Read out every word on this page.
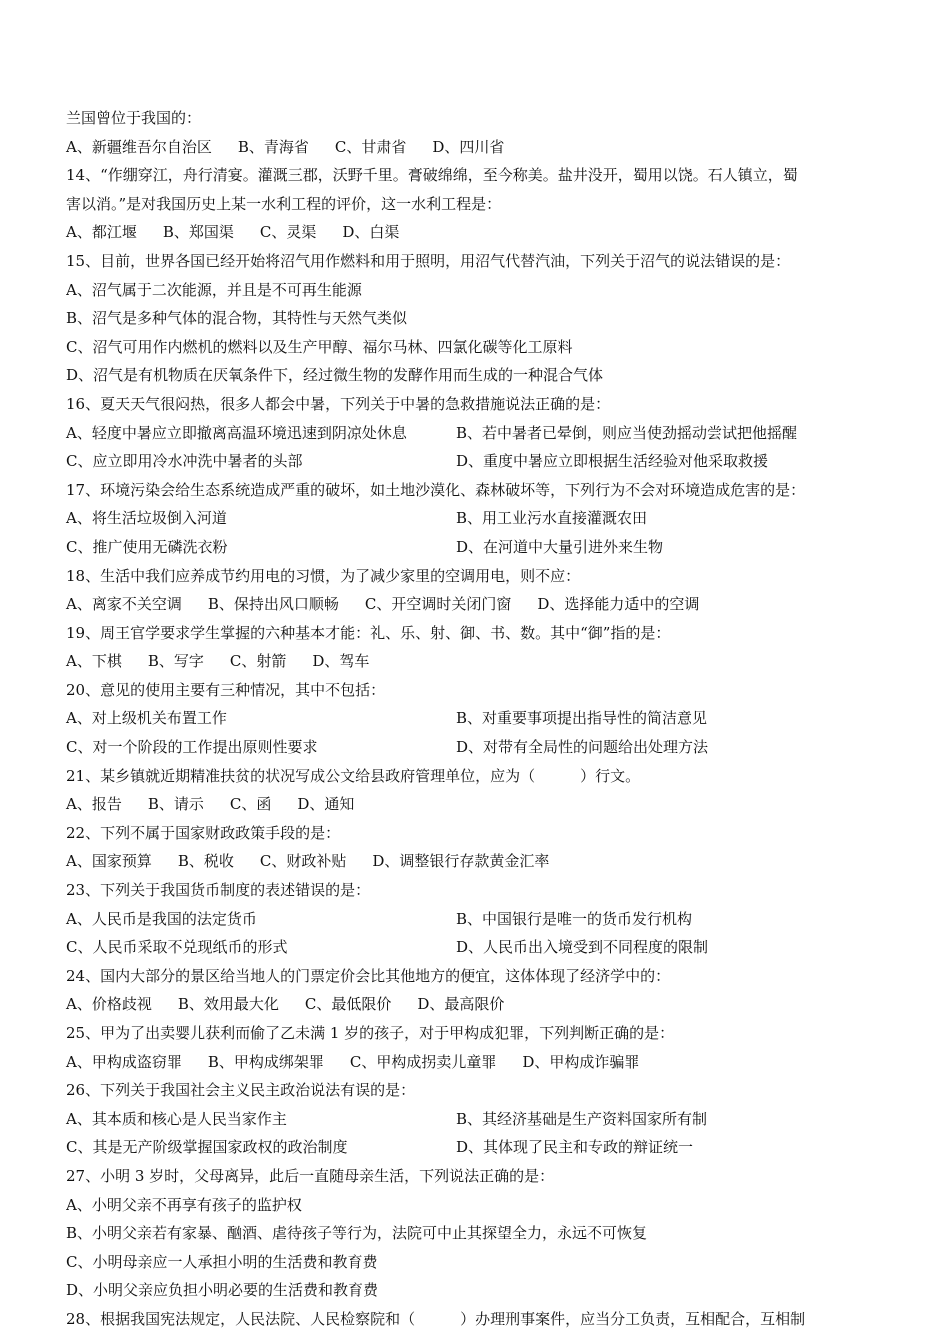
兰国曾位于我国的：
A、新疆维吾尔自治区 B、青海省 C、甘肃省 D、四川省
14、“作绷穿江，舟行清宴。灌溉三郡，沃野千里。膏破绵绵，至今称美。盐井没开，蜀用以饶。石人镇立，蜀
害以消。”是对我国历史上某一水利工程的评价，这一水利工程是：
A、都江堰 B、郑国渠 C、灵渠 D、白渠
15、目前，世界各国已经开始将沼气用作燃料和用于照明，用沼气代替汽油，下列关于沼气的说法错误的是：
A、沼气属于二次能源，并且是不可再生能源
B、沼气是多种气体的混合物，其特性与天然气类似
C、沼气可用作内燃机的燃料以及生产甲醇、福尔马林、四氯化碳等化工原料
D、沼气是有机物质在厌氧条件下，经过微生物的发酵作用而生成的一种混合气体
16、夏天天气很闷热，很多人都会中暑，下列关于中暑的急救措施说法正确的是：
A、轻度中暑应立即撤离高温环境迅速到阴凉处休息	B、若中暑者已晕倒，则应当使劲摇动尝试把他摇醒
C、应立即用冷水冲洗中暑者的头部	D、重度中暑应立即根据生活经验对他采取救援
17、环境污染会给生态系统造成严重的破坏，如土地沙漠化、森林破坏等，下列行为不会对环境造成危害的是：
A、将生活垃圾倒入河道	B、用工业污水直接灌溉农田
C、推广使用无磷洗衣粉	D、在河道中大量引进外来生物
18、生活中我们应养成节约用电的习惯，为了减少家里的空调用电，则不应：
A、离家不关空调 B、保持出风口顺畅 C、开空调时关闭门窗 D、选择能力适中的空调
19、周王官学要求学生掌握的六种基本才能：礼、乐、射、御、书、数。其中“御”指的是：
A、下棋 B、写字 C、射箭 D、驾车
20、意见的使用主要有三种情况，其中不包括：
A、对上级机关布置工作	B、对重要事项提出指导性的简洁意见
C、对一个阶段的工作提出原则性要求	D、对带有全局性的问题给出处理方法
21、某乡镇就近期精准扶贫的状况写成公文给县政府管理单位，应为（　　　）行文。
A、报告 B、请示 C、函 D、通知
22、下列不属于国家财政政策手段的是：
A、国家预算 B、税收 C、财政补贴 D、调整银行存款黄金汇率
23、下列关于我国货币制度的表述错误的是：
A、人民币是我国的法定货币	B、中国银行是唯一的货币发行机构
C、人民币采取不兑现纸币的形式	D、人民币出入境受到不同程度的限制
24、国内大部分的景区给当地人的门票定价会比其他地方的便宜，这体体现了经济学中的：
A、价格歧视 B、效用最大化 C、最低限价 D、最高限价
25、甲为了出卖婴儿获利而偷了乙未满 1 岁的孩子，对于甲构成犯罪，下列判断正确的是：
A、甲构成盗窃罪 B、甲构成绑架罪 C、甲构成拐卖儿童罪 D、甲构成诈骗罪
26、下列关于我国社会主义民主政治说法有误的是：
A、其本质和核心是人民当家作主	B、其经济基础是生产资料国家所有制
C、其是无产阶级掌握国家政权的政治制度	D、其体现了民主和专政的辩证统一
27、小明 3 岁时，父母离异，此后一直随母亲生活，下列说法正确的是：
A、小明父亲不再享有孩子的监护权
B、小明父亲若有家暴、酗酒、虐待孩子等行为，法院可中止其探望全力，永远不可恢复
C、小明母亲应一人承担小明的生活费和教育费
D、小明父亲应负担小明必要的生活费和教育费
28、根据我国宪法规定，人民法院、人民检察院和（　　　）办理刑事案件，应当分工负责，互相配合，互相制
